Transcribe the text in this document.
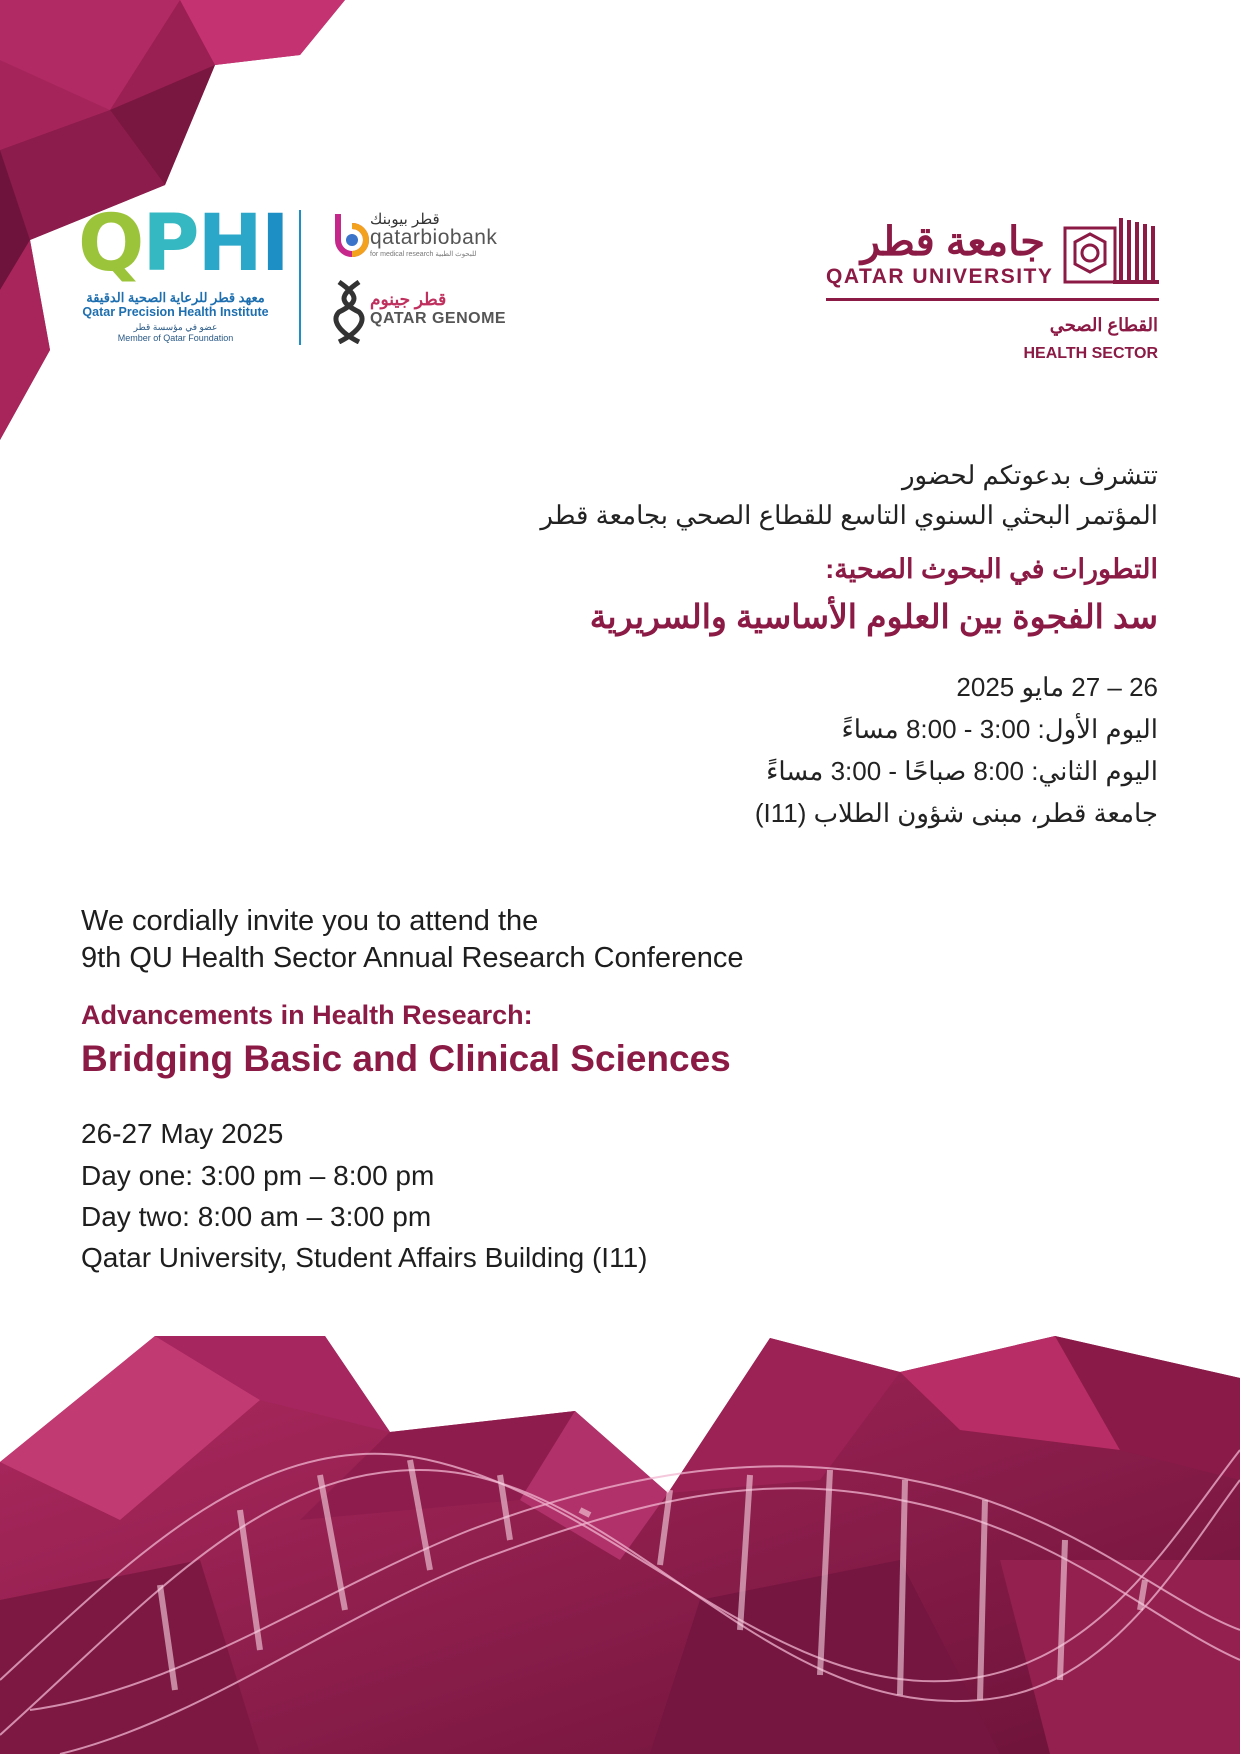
QPHI
معهد قطر للرعاية الصحية الدقيقة
Qatar Precision Health Institute
عضو في مؤسسة قطر
Member of Qatar Foundation
قطر بيوبنك
qatarbiobank
for medical research للبحوث الطبية
قطر جينوم
QATAR GENOME
جامعة قطر
QATAR UNIVERSITY
القطاع الصحي
HEALTH SECTOR
تتشرف بدعوتكم لحضور
المؤتمر البحثي السنوي التاسع للقطاع الصحي بجامعة قطر
التطورات في البحوث الصحية:
سد الفجوة بين العلوم الأساسية والسريرية
26 – 27 مايو 2025
اليوم الأول: 3:00 - 8:00 مساءً
اليوم الثاني: 8:00 صباحًا - 3:00 مساءً
جامعة قطر، مبنى شؤون الطلاب (I11)
We cordially invite you to attend the
9th QU Health Sector Annual Research Conference
Advancements in Health Research:
Bridging Basic and Clinical Sciences
26-27 May 2025
Day one: 3:00 pm – 8:00 pm
Day two: 8:00 am – 3:00 pm
Qatar University, Student Affairs Building (I11)
